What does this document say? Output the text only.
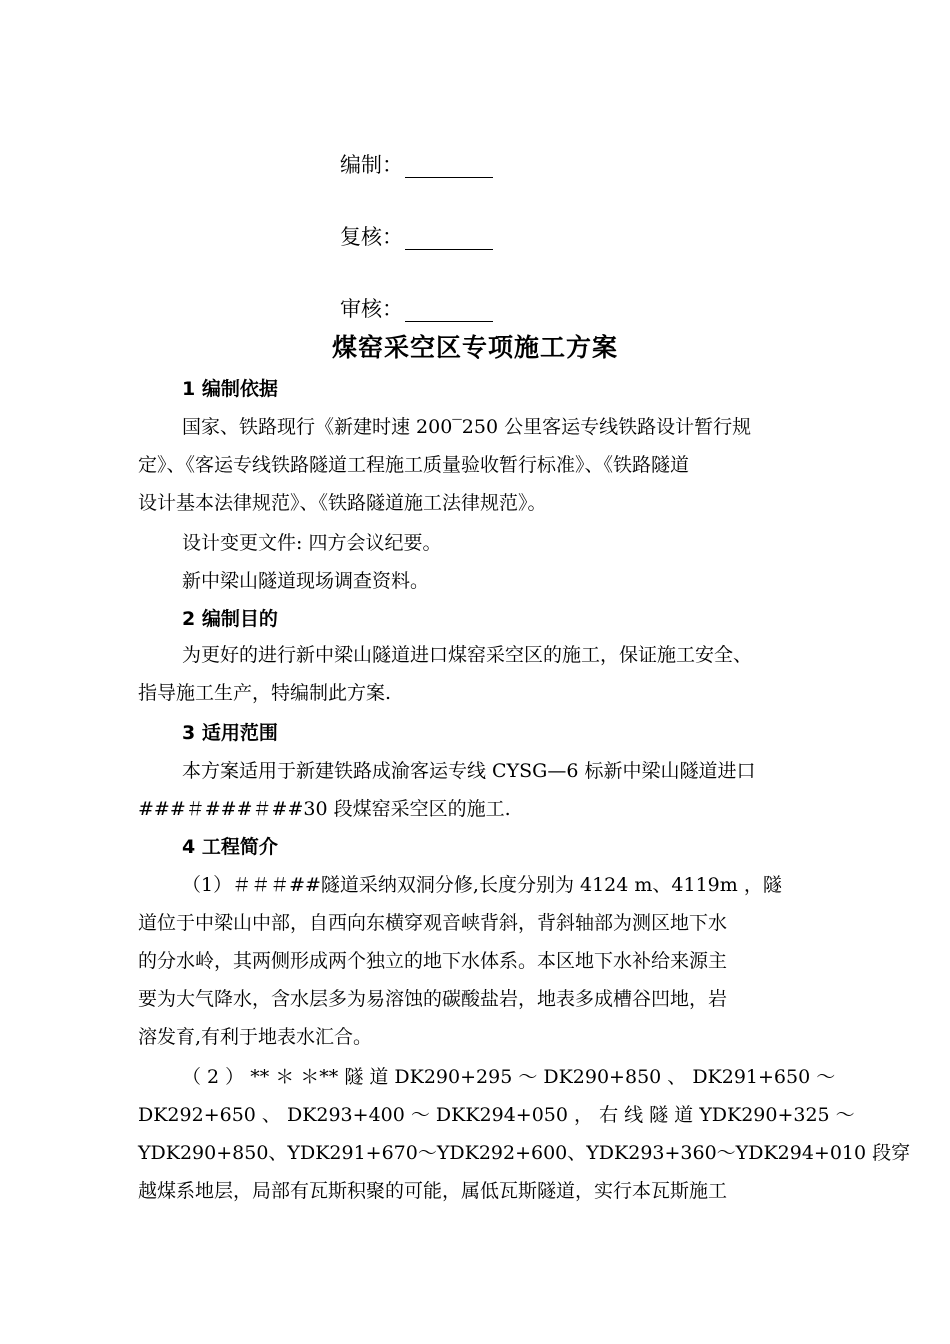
编制：
复核：
审核：
煤窑采空区专项施工方案
1 编制依据
国家、铁路现行《新建时速 200‾250 公里客运专线铁路设计暂行规
定》、《客运专线铁路隧道工程施工质量验收暂行标准》、《铁路隧道
设计基本法律规范》、《铁路隧道施工法律规范》。
设计变更文件: 四方会议纪要。
新中梁山隧道现场调查资料。
2 编制目的
为更好的进行新中梁山隧道进口煤窑采空区的施工，保证施工安全、
指导施工生产，特编制此方案.
3 适用范围
本方案适用于新建铁路成渝客运专线 CYSG—6 标新中梁山隧道进口
###＃###＃##30 段煤窑采空区的施工.
4 工程简介
（1）＃＃＃##隧道采纳双洞分修,长度分别为 4124 m、4119m ，隧
道位于中梁山中部，自西向东横穿观音峡背斜，背斜轴部为测区地下水
的分水岭，其两侧形成两个独立的地下水体系。本区地下水补给来源主
要为大气降水，含水层多为易溶蚀的碳酸盐岩，地表多成槽谷凹地，岩
溶发育,有利于地表水汇合。
（ 2 ） ** ＊ ＊** 隧 道 DK290+295 ～ DK290+850 、 DK291+650 ～
DK292+650 、 DK293+400 ～ DKK294+050 ， 右 线 隧 道 YDK290+325 ～
YDK290+850、YDK291+670～YDK292+600、YDK293+360～YDK294+010 段穿
越煤系地层，局部有瓦斯积聚的可能，属低瓦斯隧道，实行本瓦斯施工
